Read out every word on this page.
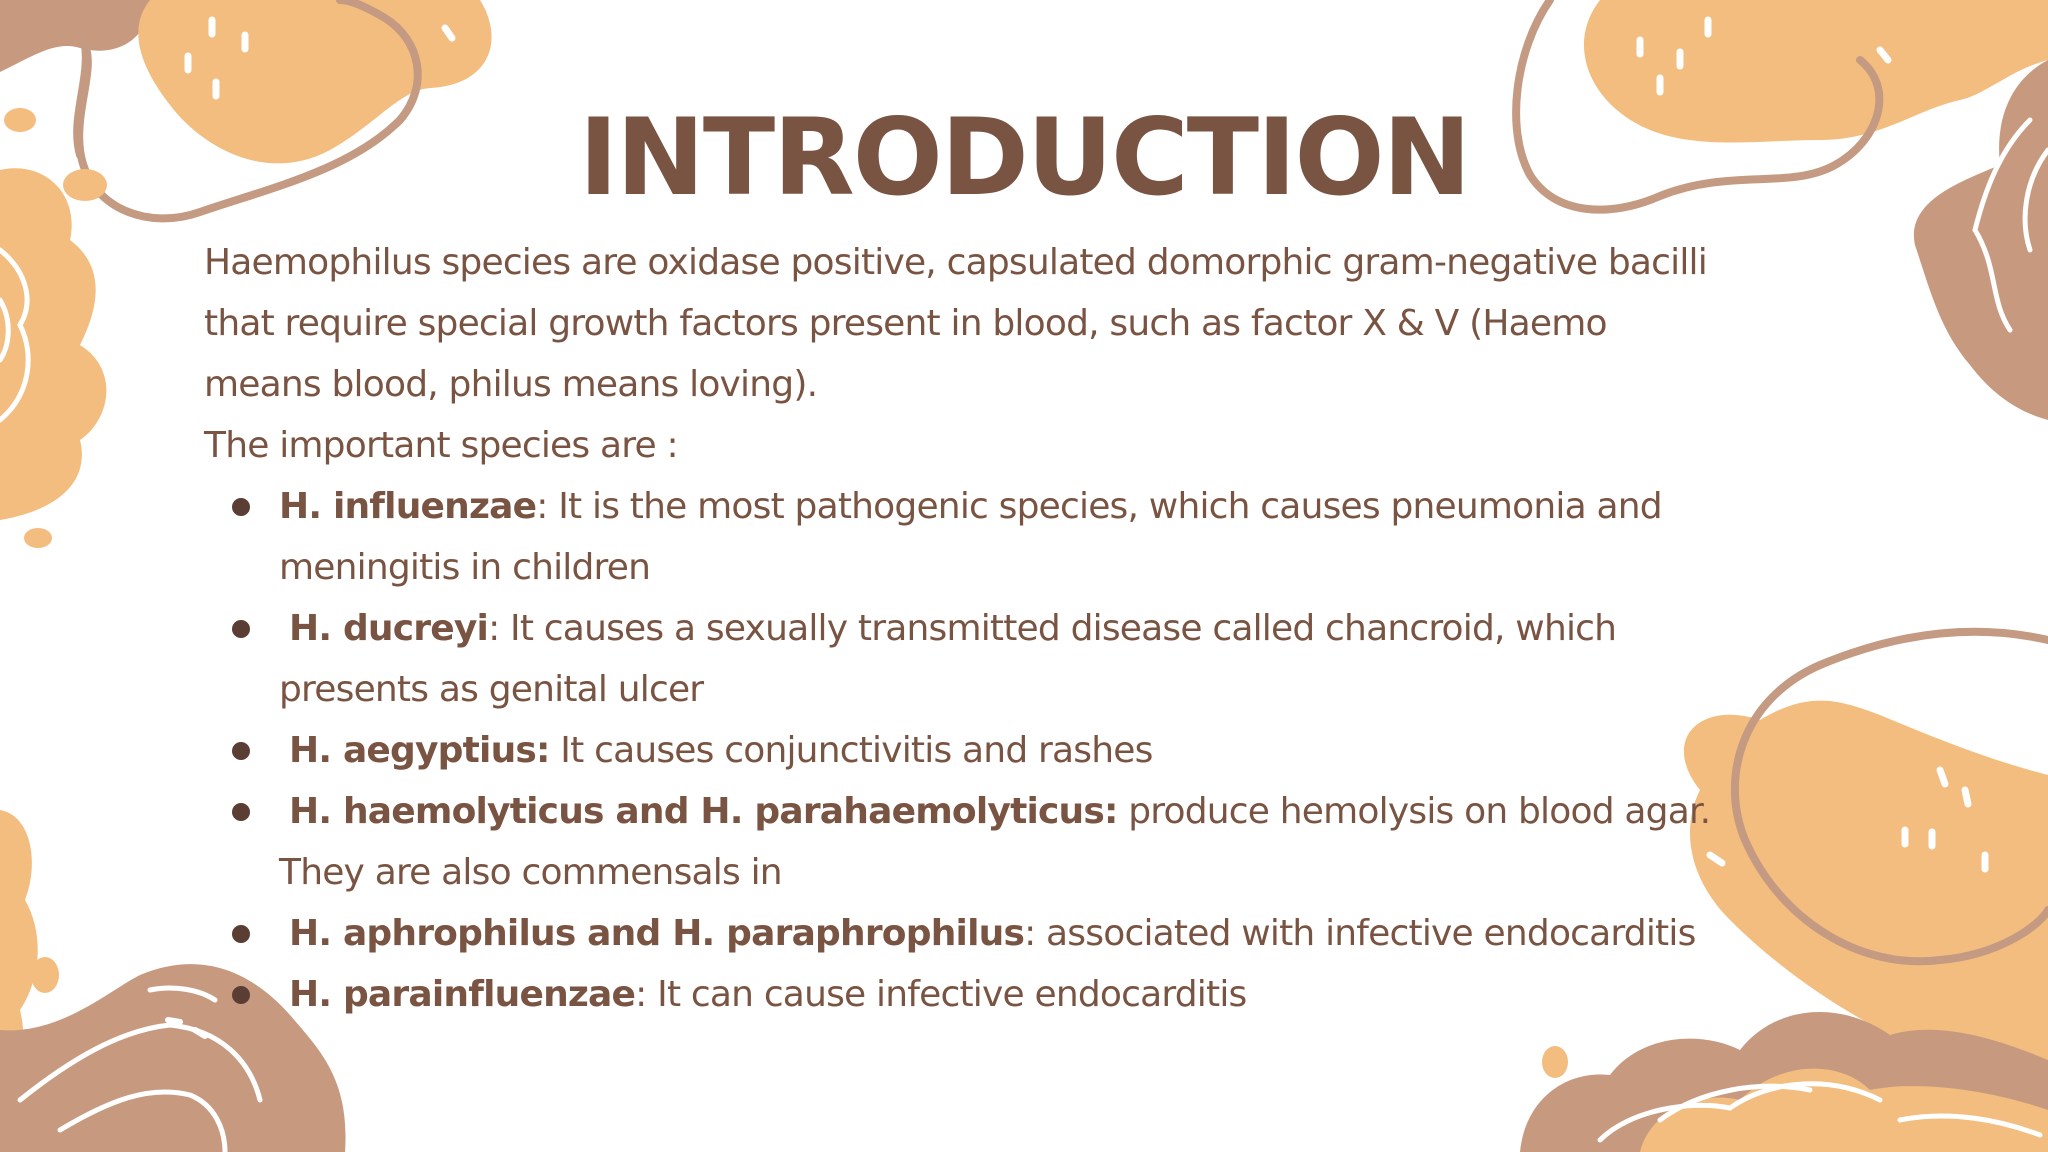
INTRODUCTION

Haemophilus species are oxidase positive, capsulated domorphic gram-negative bacilli that require special growth factors present in blood, such as factor X & V (Haemo means blood, philus means loving).

The important species are :

H. influenzae: It is the most pathogenic species, which causes pneumonia and meningitis in children
H. ducreyi: It causes a sexually transmitted disease called chancroid, which presents as genital ulcer
H. aegyptius: It causes conjunctivitis and rashes
H. haemolyticus and H. parahaemolyticus: produce hemolysis on blood agar. They are also commensals in
H. aphrophilus and H. paraphrophilus: associated with infective endocarditis
H. parainfluenzae: It can cause infective endocarditis
